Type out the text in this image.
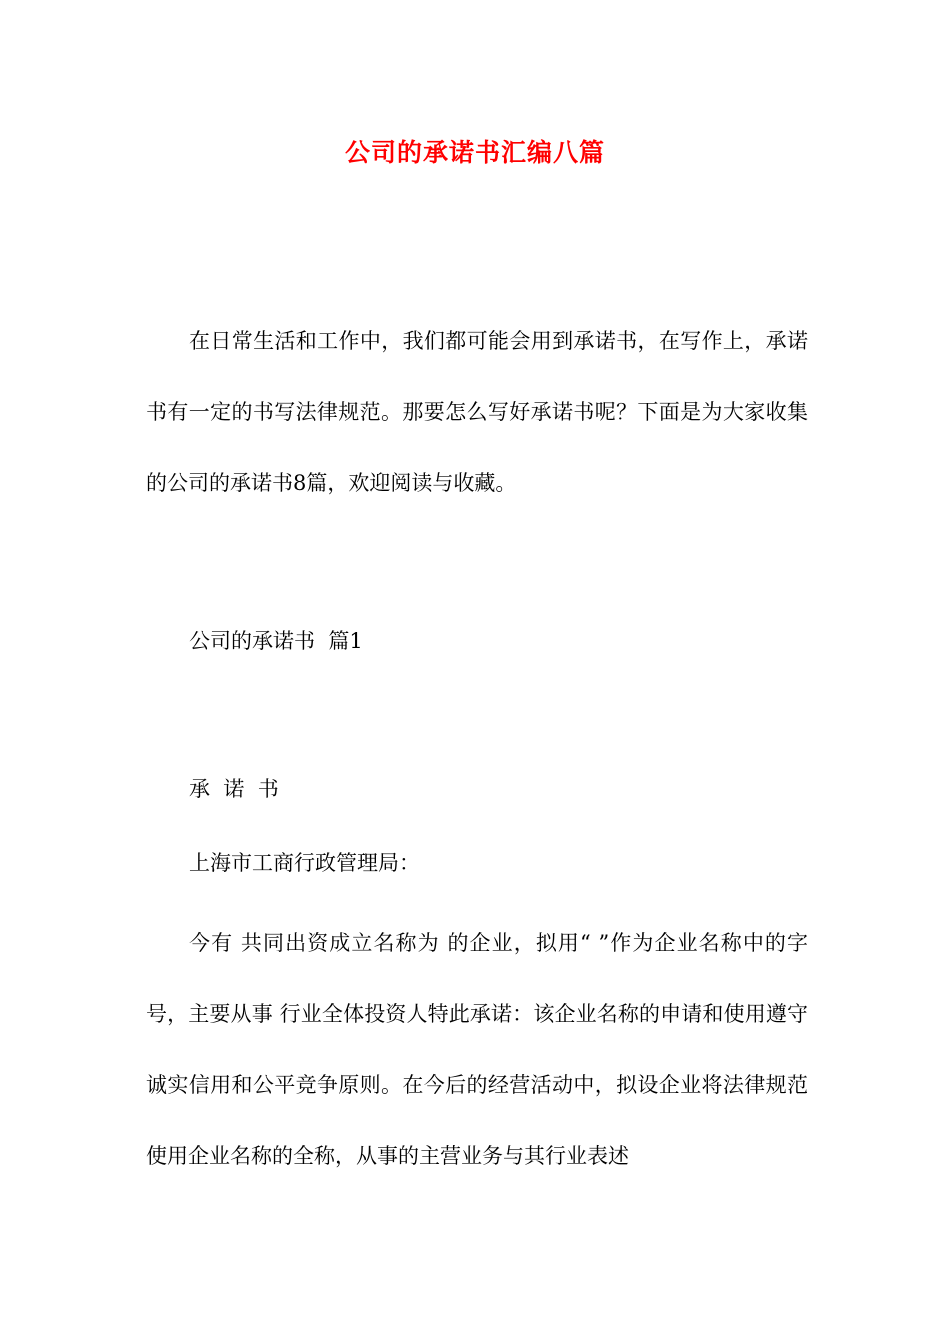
公司的承诺书汇编八篇

在日常生活和工作中，我们都可能会用到承诺书，在写作上，承诺书有一定的书写法律规范。那要怎么写好承诺书呢？下面是为大家收集的公司的承诺书8篇，欢迎阅读与收藏。

公司的承诺书  篇1
承  诺  书
上海市工商行政管理局：

今有 共同出资成立名称为 的企业，拟用“ ”作为企业名称中的字号，主要从事 行业全体投资人特此承诺：该企业名称的申请和使用遵守诚实信用和公平竞争原则。在今后的经营活动中，拟设企业将法律规范使用企业名称的全称，从事的主营业务与其行业表述
